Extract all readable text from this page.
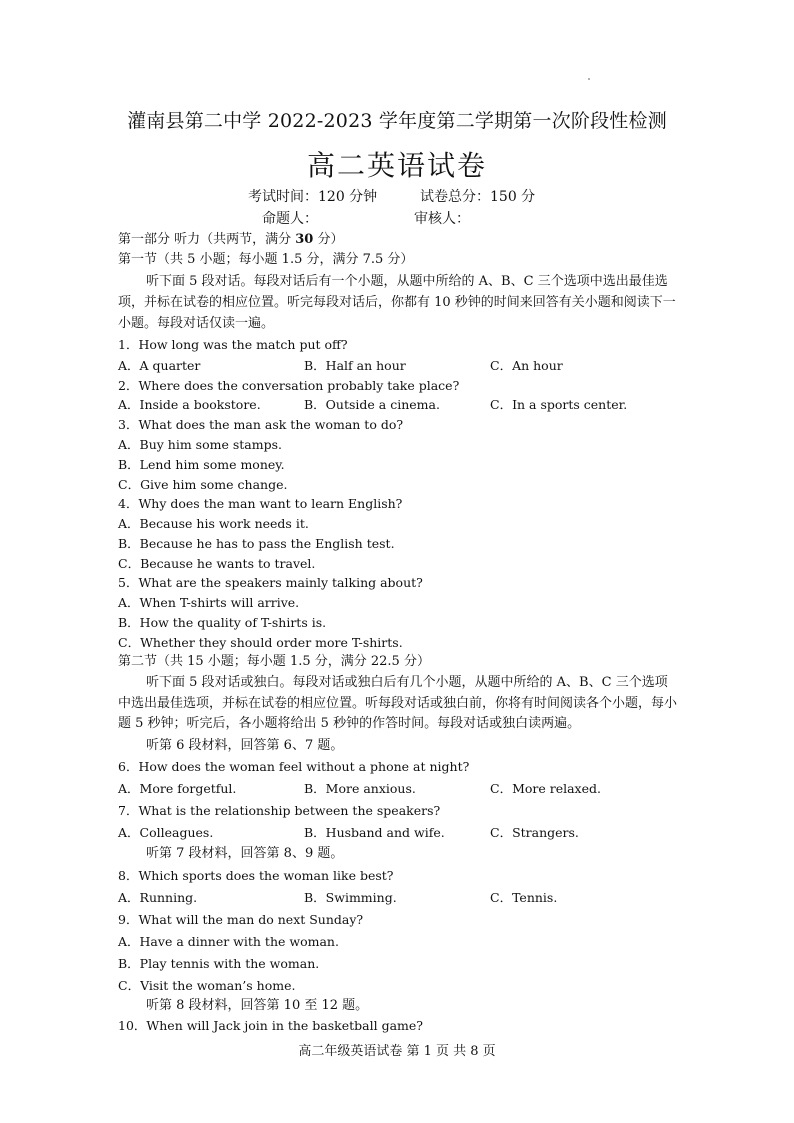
灌南县第二中学 2022-2023 学年度第二学期第一次阶段性检测
高二英语试卷
考试时间：120 分钟	试卷总分：150 分
命题人：	审核人：
第一部分 听力（共两节，满分 30 分）
第一节（共 5 小题；每小题 1.5 分，满分 7.5 分）
听下面 5 段对话。每段对话后有一个小题，从题中所给的 A、B、C 三个选项中选出最佳选项，并标在试卷的相应位置。听完每段对话后，你都有 10 秒钟的时间来回答有关小题和阅读下一小题。每段对话仅读一遍。
1．How long was the match put off?
A．A quarter	B．Half an hour	C．An hour
2．Where does the conversation probably take place?
A．Inside a bookstore.	B．Outside a cinema.	C．In a sports center.
3．What does the man ask the woman to do?
A．Buy him some stamps.
B．Lend him some money.
C．Give him some change.
4．Why does the man want to learn English?
A．Because his work needs it.
B．Because he has to pass the English test.
C．Because he wants to travel.
5．What are the speakers mainly talking about?
A．When T-shirts will arrive.
B．How the quality of T-shirts is.
C．Whether they should order more T-shirts.
第二节（共 15 小题；每小题 1.5 分，满分 22.5 分）
听下面 5 段对话或独白。每段对话或独白后有几个小题，从题中所给的 A、B、C 三个选项中选出最佳选项，并标在试卷的相应位置。听每段对话或独白前，你将有时间阅读各个小题，每小题 5 秒钟；听完后，各小题将给出 5 秒钟的作答时间。每段对话或独白读两遍。
听第 6 段材料，回答第 6、7 题。
6．How does the woman feel without a phone at night?
A．More forgetful.	B．More anxious.	C．More relaxed.
7．What is the relationship between the speakers?
A．Colleagues.	B．Husband and wife.	C．Strangers.
听第 7 段材料，回答第 8、9 题。
8．Which sports does the woman like best?
A．Running.	B．Swimming.	C．Tennis.
9．What will the man do next Sunday?
A．Have a dinner with the woman.
B．Play tennis with the woman.
C．Visit the woman’s home.
听第 8 段材料，回答第 10 至 12 题。
10．When will Jack join in the basketball game?
高二年级英语试卷 第 1 页 共 8 页
